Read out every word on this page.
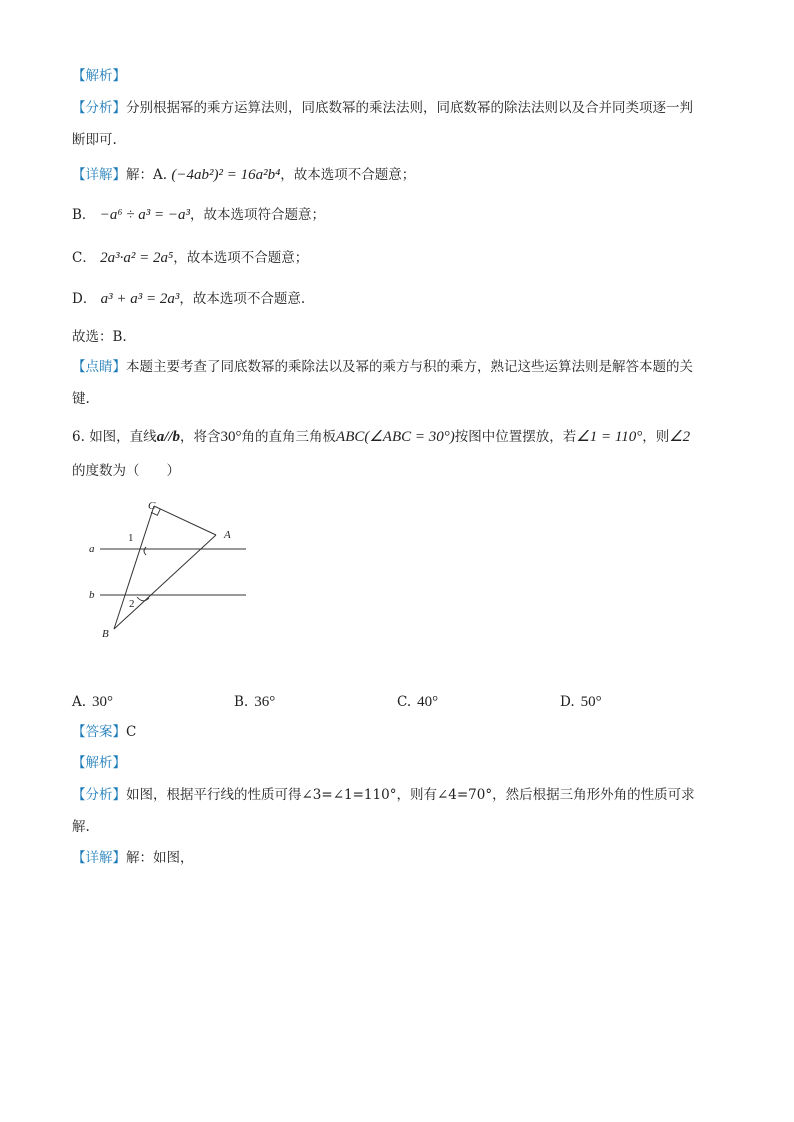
【解析】
【分析】分别根据幂的乘方运算法则，同底数幂的乘法法则，同底数幂的除法法则以及合并同类项逐一判
断即可.
【详解】解：A. (−4ab²)² = 16a²b⁴，故本选项不合题意；
B． −a⁶ ÷ a³ = −a³，故本选项符合题意；
C． 2a³·a² = 2a⁵，故本选项不合题意；
D． a³ + a³ = 2a³，故本选项不合题意.
故选：B.
【点睛】本题主要考查了同底数幂的乘除法以及幂的乘方与积的乘方，熟记这些运算法则是解答本题的关
键.
6. 如图，直线a//b，将含30°角的直角三角板ABC(∠ABC = 30°)按图中位置摆放，若∠1 = 110°，则∠2
的度数为（　　）
C
A
B
a
b
1
2
A. 30°	B. 36°	C. 40°	D. 50°
【答案】C
【解析】
【分析】如图，根据平行线的性质可得∠3=∠1=110°，则有∠4=70°，然后根据三角形外角的性质可求
解.
【详解】解：如图，
